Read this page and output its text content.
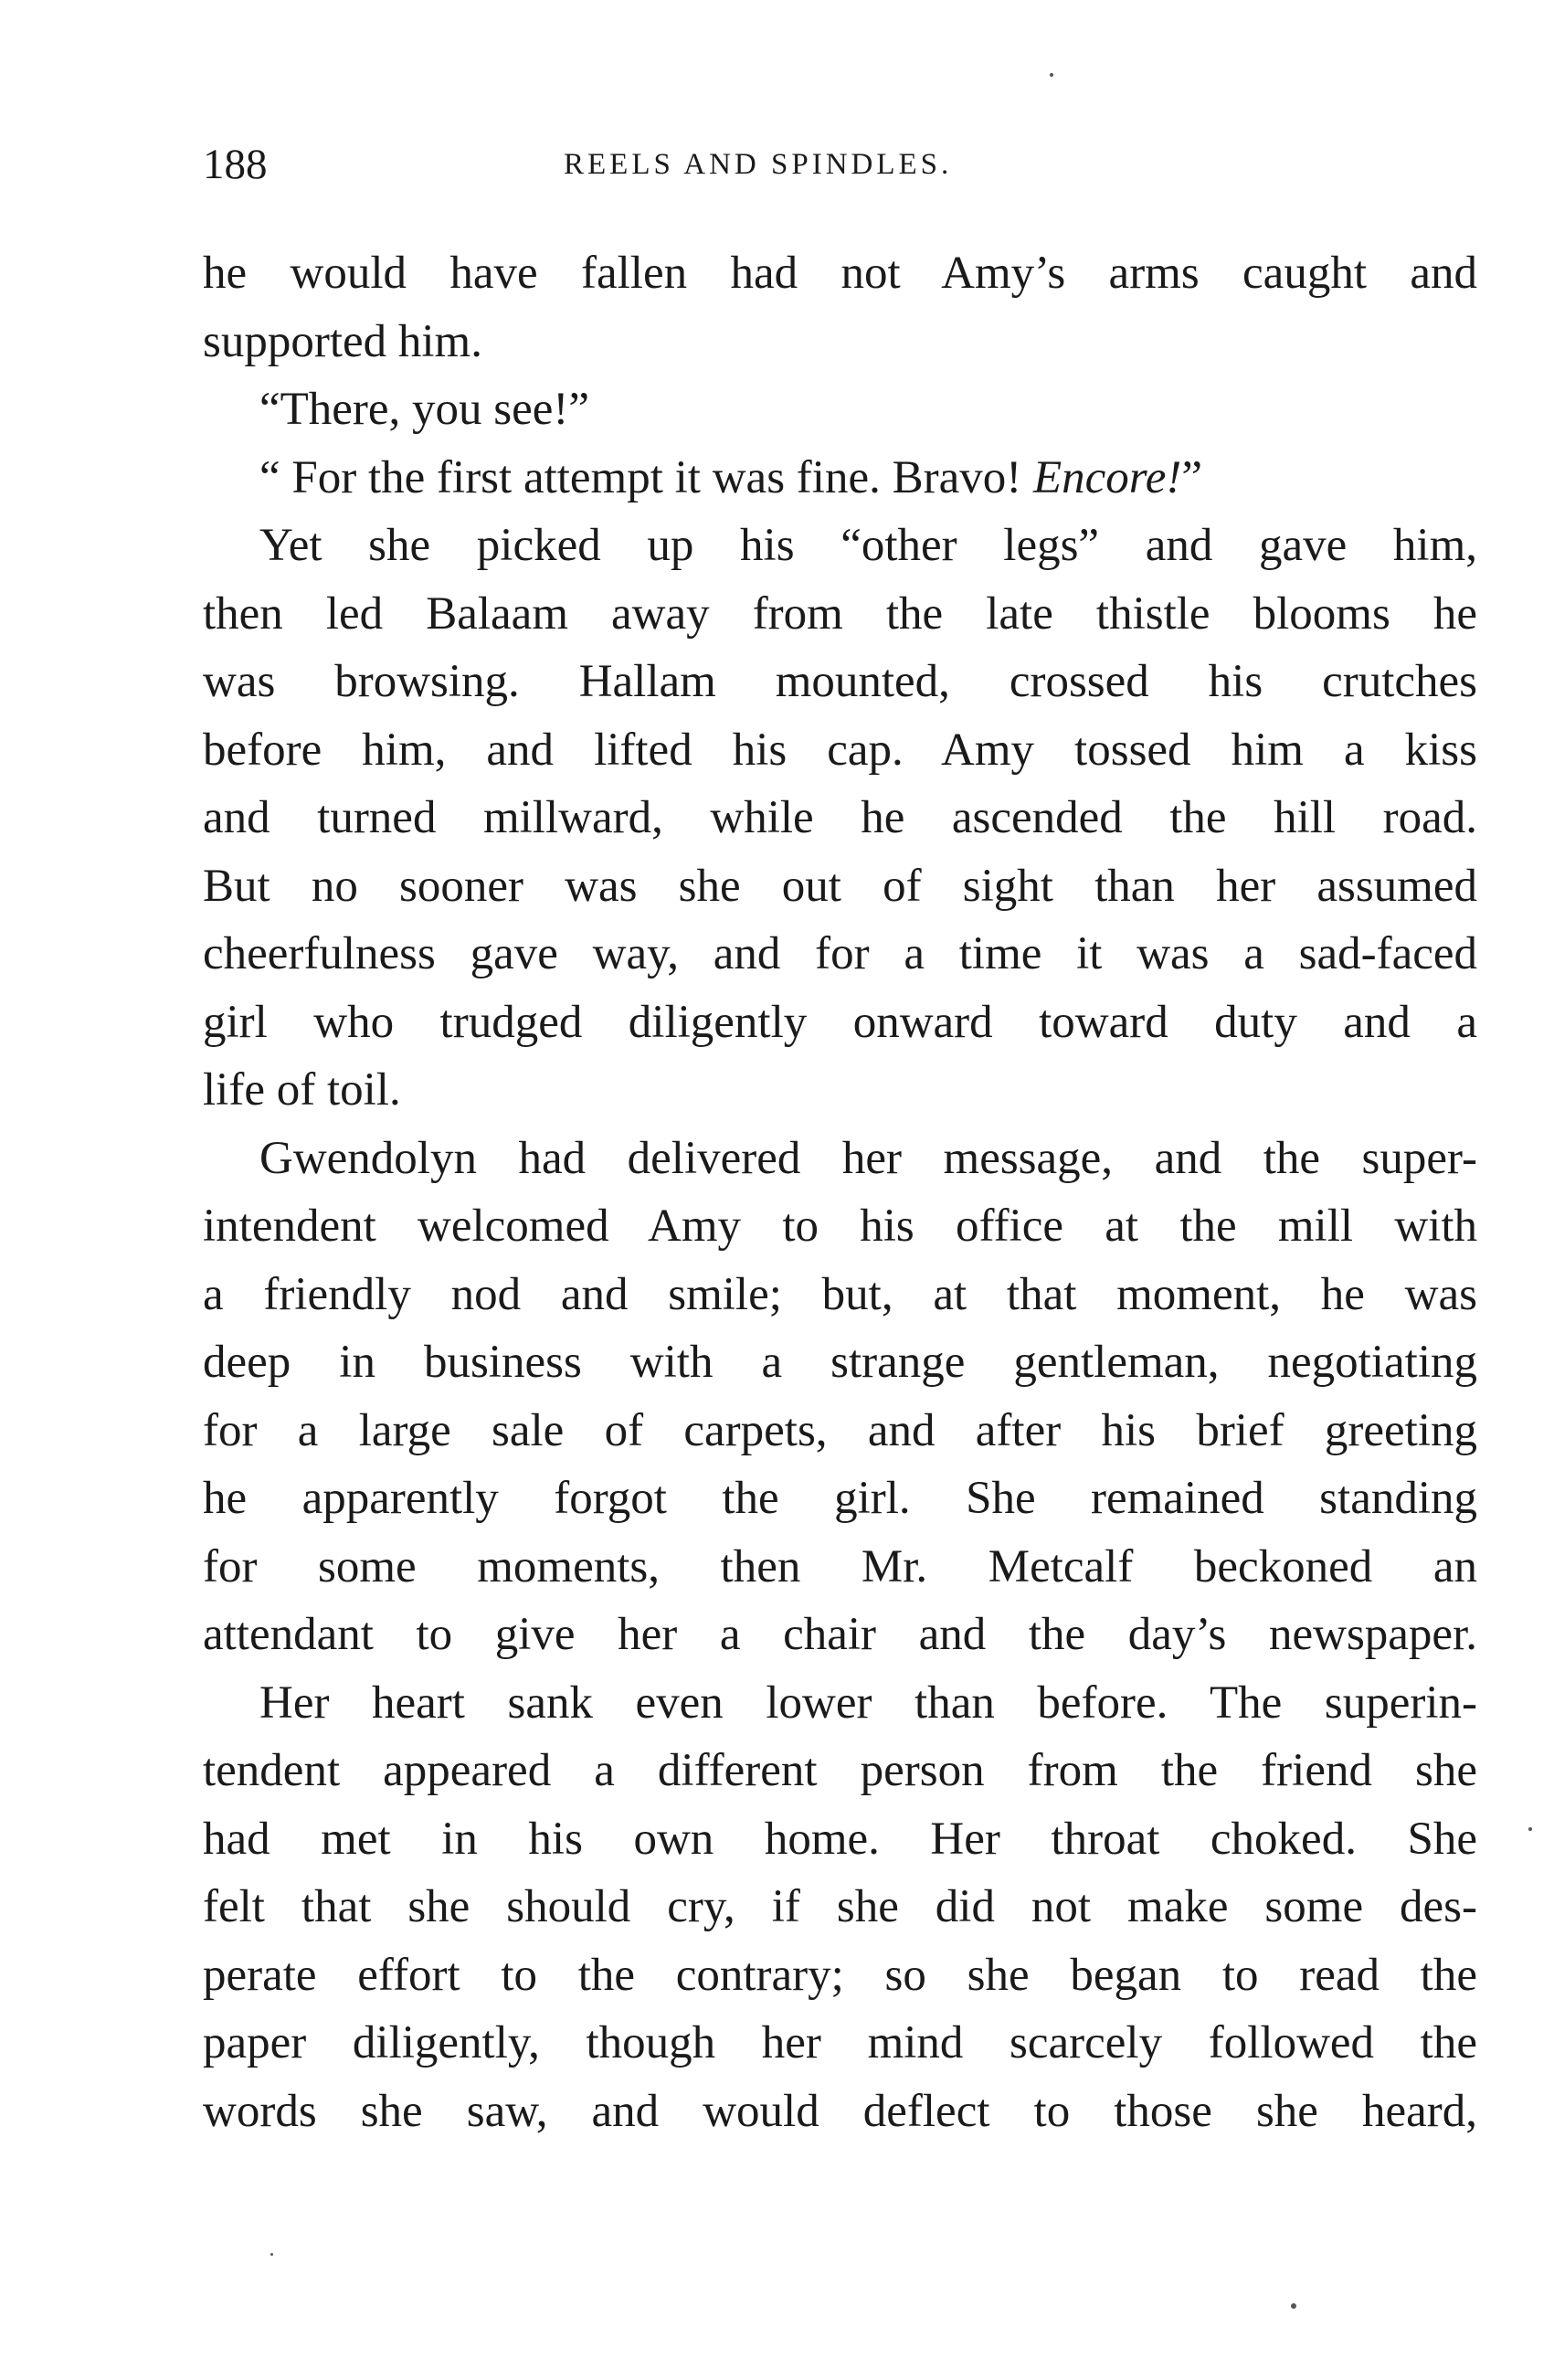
188	REELS AND SPINDLES.
he would have fallen had not Amy’s arms caught and
supported him.
“There, you see!”
“ For the first attempt it was fine. Bravo! Encore!”
Yet she picked up his “other legs” and gave him,
then led Balaam away from the late thistle blooms he
was browsing. Hallam mounted, crossed his crutches
before him, and lifted his cap. Amy tossed him a kiss
and turned millward, while he ascended the hill road.
But no sooner was she out of sight than her assumed
cheerfulness gave way, and for a time it was a sad-faced
girl who trudged diligently onward toward duty and a
life of toil.
Gwendolyn had delivered her message, and the super-
intendent welcomed Amy to his office at the mill with
a friendly nod and smile; but, at that moment, he was
deep in business with a strange gentleman, negotiating
for a large sale of carpets, and after his brief greeting
he apparently forgot the girl. She remained standing
for some moments, then Mr. Metcalf beckoned an
attendant to give her a chair and the day’s newspaper.
Her heart sank even lower than before. The superin-
tendent appeared a different person from the friend she
had met in his own home. Her throat choked. She
felt that she should cry, if she did not make some des-
perate effort to the contrary; so she began to read the
paper diligently, though her mind scarcely followed the
words she saw, and would deflect to those she heard,
